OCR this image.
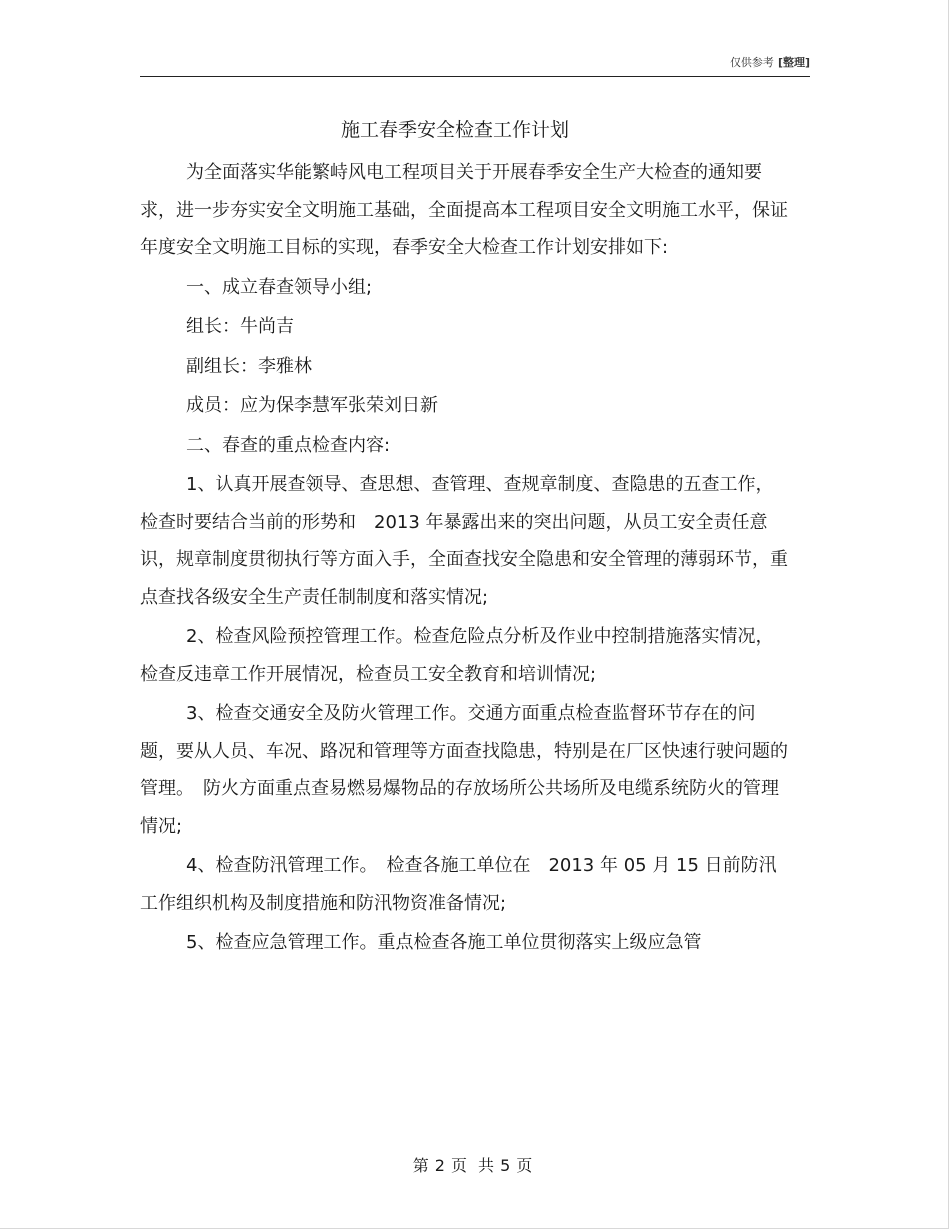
仅供参考 [整理]
施工春季安全检查工作计划

为全面落实华能繁峙风电工程项目关于开展春季安全生产大检查的通知要求，进一步夯实安全文明施工基础，全面提高本工程项目安全文明施工水平，保证年度安全文明施工目标的实现，春季安全大检查工作计划安排如下:

一、成立春查领导小组;

组长：牛尚吉

副组长：李雅林

成员：应为保李慧军张荣刘日新

二、春查的重点检查内容:

1、认真开展查领导、查思想、查管理、查规章制度、查隐患的五查工作，检查时要结合当前的形势和　2013 年暴露出来的突出问题，从员工安全责任意识，规章制度贯彻执行等方面入手，全面查找安全隐患和安全管理的薄弱环节，重点查找各级安全生产责任制制度和落实情况;

2、检查风险预控管理工作。检查危险点分析及作业中控制措施落实情况，检查反违章工作开展情况，检查员工安全教育和培训情况;

3、检查交通安全及防火管理工作。交通方面重点检查监督环节存在的问题，要从人员、车况、路况和管理等方面查找隐患，特别是在厂区快速行驶问题的管理。　防火方面重点查易燃易爆物品的存放场所公共场所及电缆系统防火的管理情况;

4、检查防汛管理工作。　检查各施工单位在　2013 年 05 月 15 日前防汛工作组织机构及制度措施和防汛物资准备情况;

5、检查应急管理工作。重点检查各施工单位贯彻落实上级应急管

第 2 页 共 5 页
